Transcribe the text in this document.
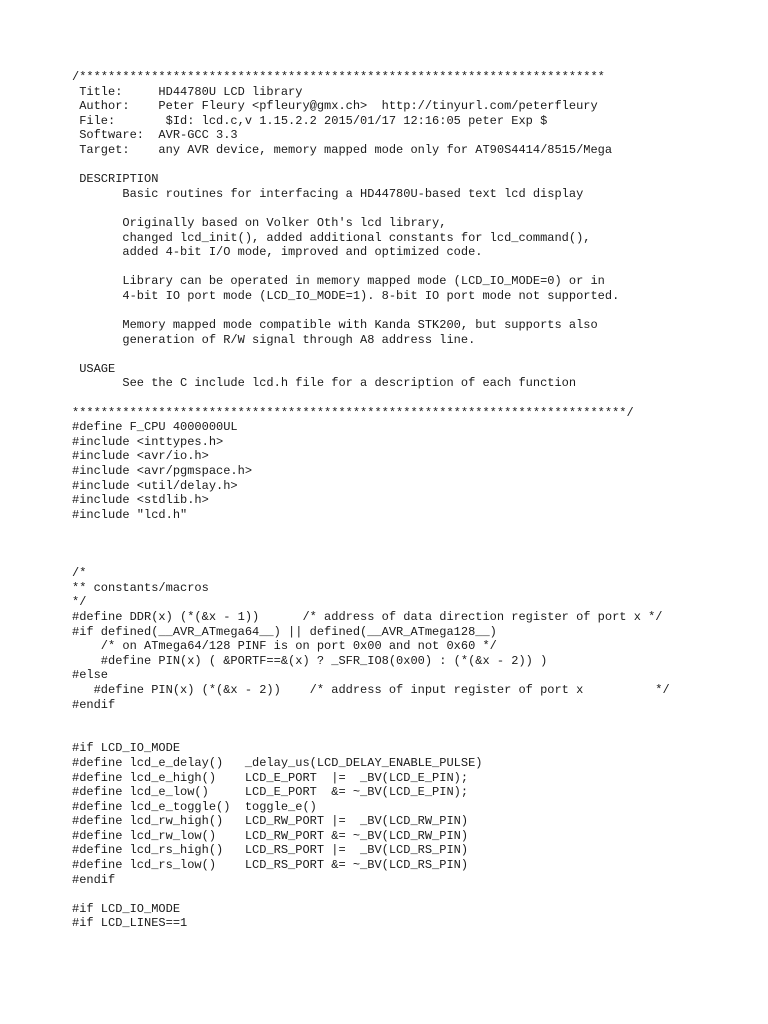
/*************************************************************************
Title:     HD44780U LCD library
Author:    Peter Fleury <pfleury@gmx.ch>  http://tinyurl.com/peterfleury
File:       $Id: lcd.c,v 1.15.2.2 2015/01/17 12:16:05 peter Exp $
Software:  AVR-GCC 3.3
Target:    any AVR device, memory mapped mode only for AT90S4414/8515/Mega
DESCRIPTION
Basic routines for interfacing a HD44780U-based text lcd display
Originally based on Volker Oth's lcd library,
changed lcd_init(), added additional constants for lcd_command(),
added 4-bit I/O mode, improved and optimized code.
Library can be operated in memory mapped mode (LCD_IO_MODE=0) or in
4-bit IO port mode (LCD_IO_MODE=1). 8-bit IO port mode not supported.
Memory mapped mode compatible with Kanda STK200, but supports also
generation of R/W signal through A8 address line.
USAGE
See the C include lcd.h file for a description of each function
*****************************************************************************/
#define F_CPU 4000000UL
#include <inttypes.h>
#include <avr/io.h>
#include <avr/pgmspace.h>
#include <util/delay.h>
#include <stdlib.h>
#include "lcd.h"
/*
** constants/macros
*/
#define DDR(x) (*(&x - 1))      /* address of data direction register of port x */
#if defined(__AVR_ATmega64__) || defined(__AVR_ATmega128__)
/* on ATmega64/128 PINF is on port 0x00 and not 0x60 */
#define PIN(x) ( &PORTF==&(x) ? _SFR_IO8(0x00) : (*(&x - 2)) )
#else
#define PIN(x) (*(&x - 2))    /* address of input register of port x          */
#endif
#if LCD_IO_MODE
#define lcd_e_delay()   _delay_us(LCD_DELAY_ENABLE_PULSE)
#define lcd_e_high()    LCD_E_PORT  |=  _BV(LCD_E_PIN);
#define lcd_e_low()     LCD_E_PORT  &= ~_BV(LCD_E_PIN);
#define lcd_e_toggle()  toggle_e()
#define lcd_rw_high()   LCD_RW_PORT |=  _BV(LCD_RW_PIN)
#define lcd_rw_low()    LCD_RW_PORT &= ~_BV(LCD_RW_PIN)
#define lcd_rs_high()   LCD_RS_PORT |=  _BV(LCD_RS_PIN)
#define lcd_rs_low()    LCD_RS_PORT &= ~_BV(LCD_RS_PIN)
#endif
#if LCD_IO_MODE
#if LCD_LINES==1
